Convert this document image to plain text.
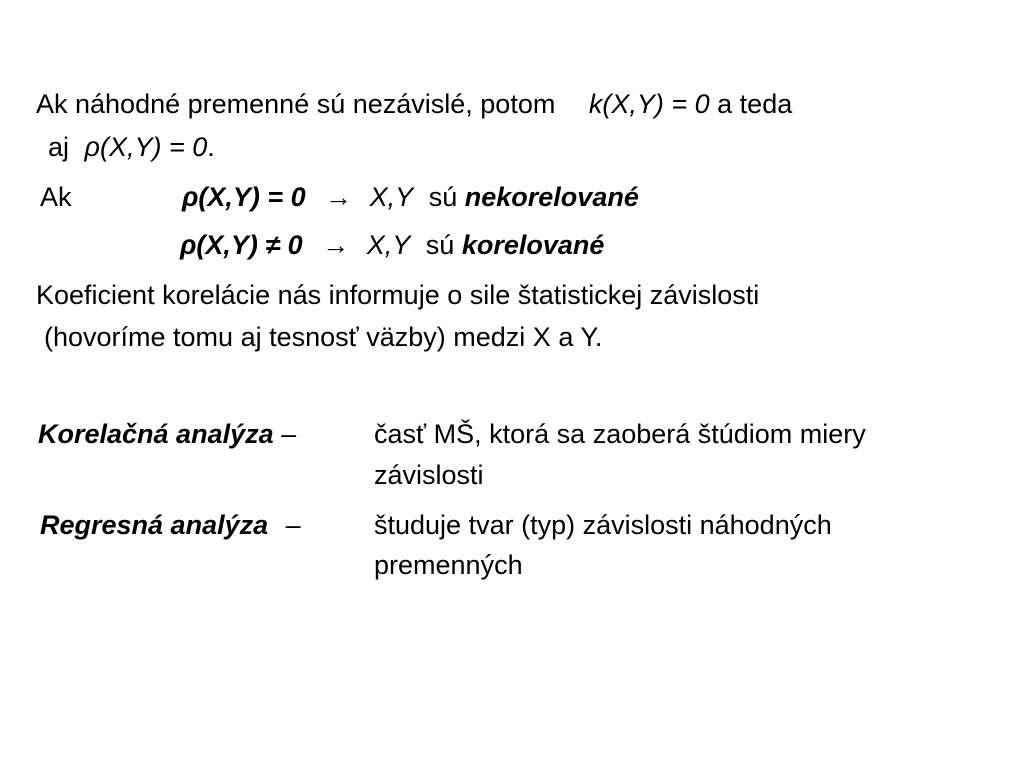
Ak náhodné premenné sú nezávislé, potom k(X,Y) = 0 a teda
aj ρ(X,Y) = 0.
Ak	ρ(X,Y) = 0 → X,Y sú nekorelované
ρ(X,Y) ≠ 0 → X,Y sú korelované
Koeficient korelácie nás informuje o sile štatistickej závislosti
(hovoríme tomu aj tesnosť väzby) medzi X a Y.
Korelačná analýza –	časť MŠ, ktorá sa zaoberá štúdiom miery
závislosti
Regresná analýza –	študuje tvar (typ) závislosti náhodných
premenných
